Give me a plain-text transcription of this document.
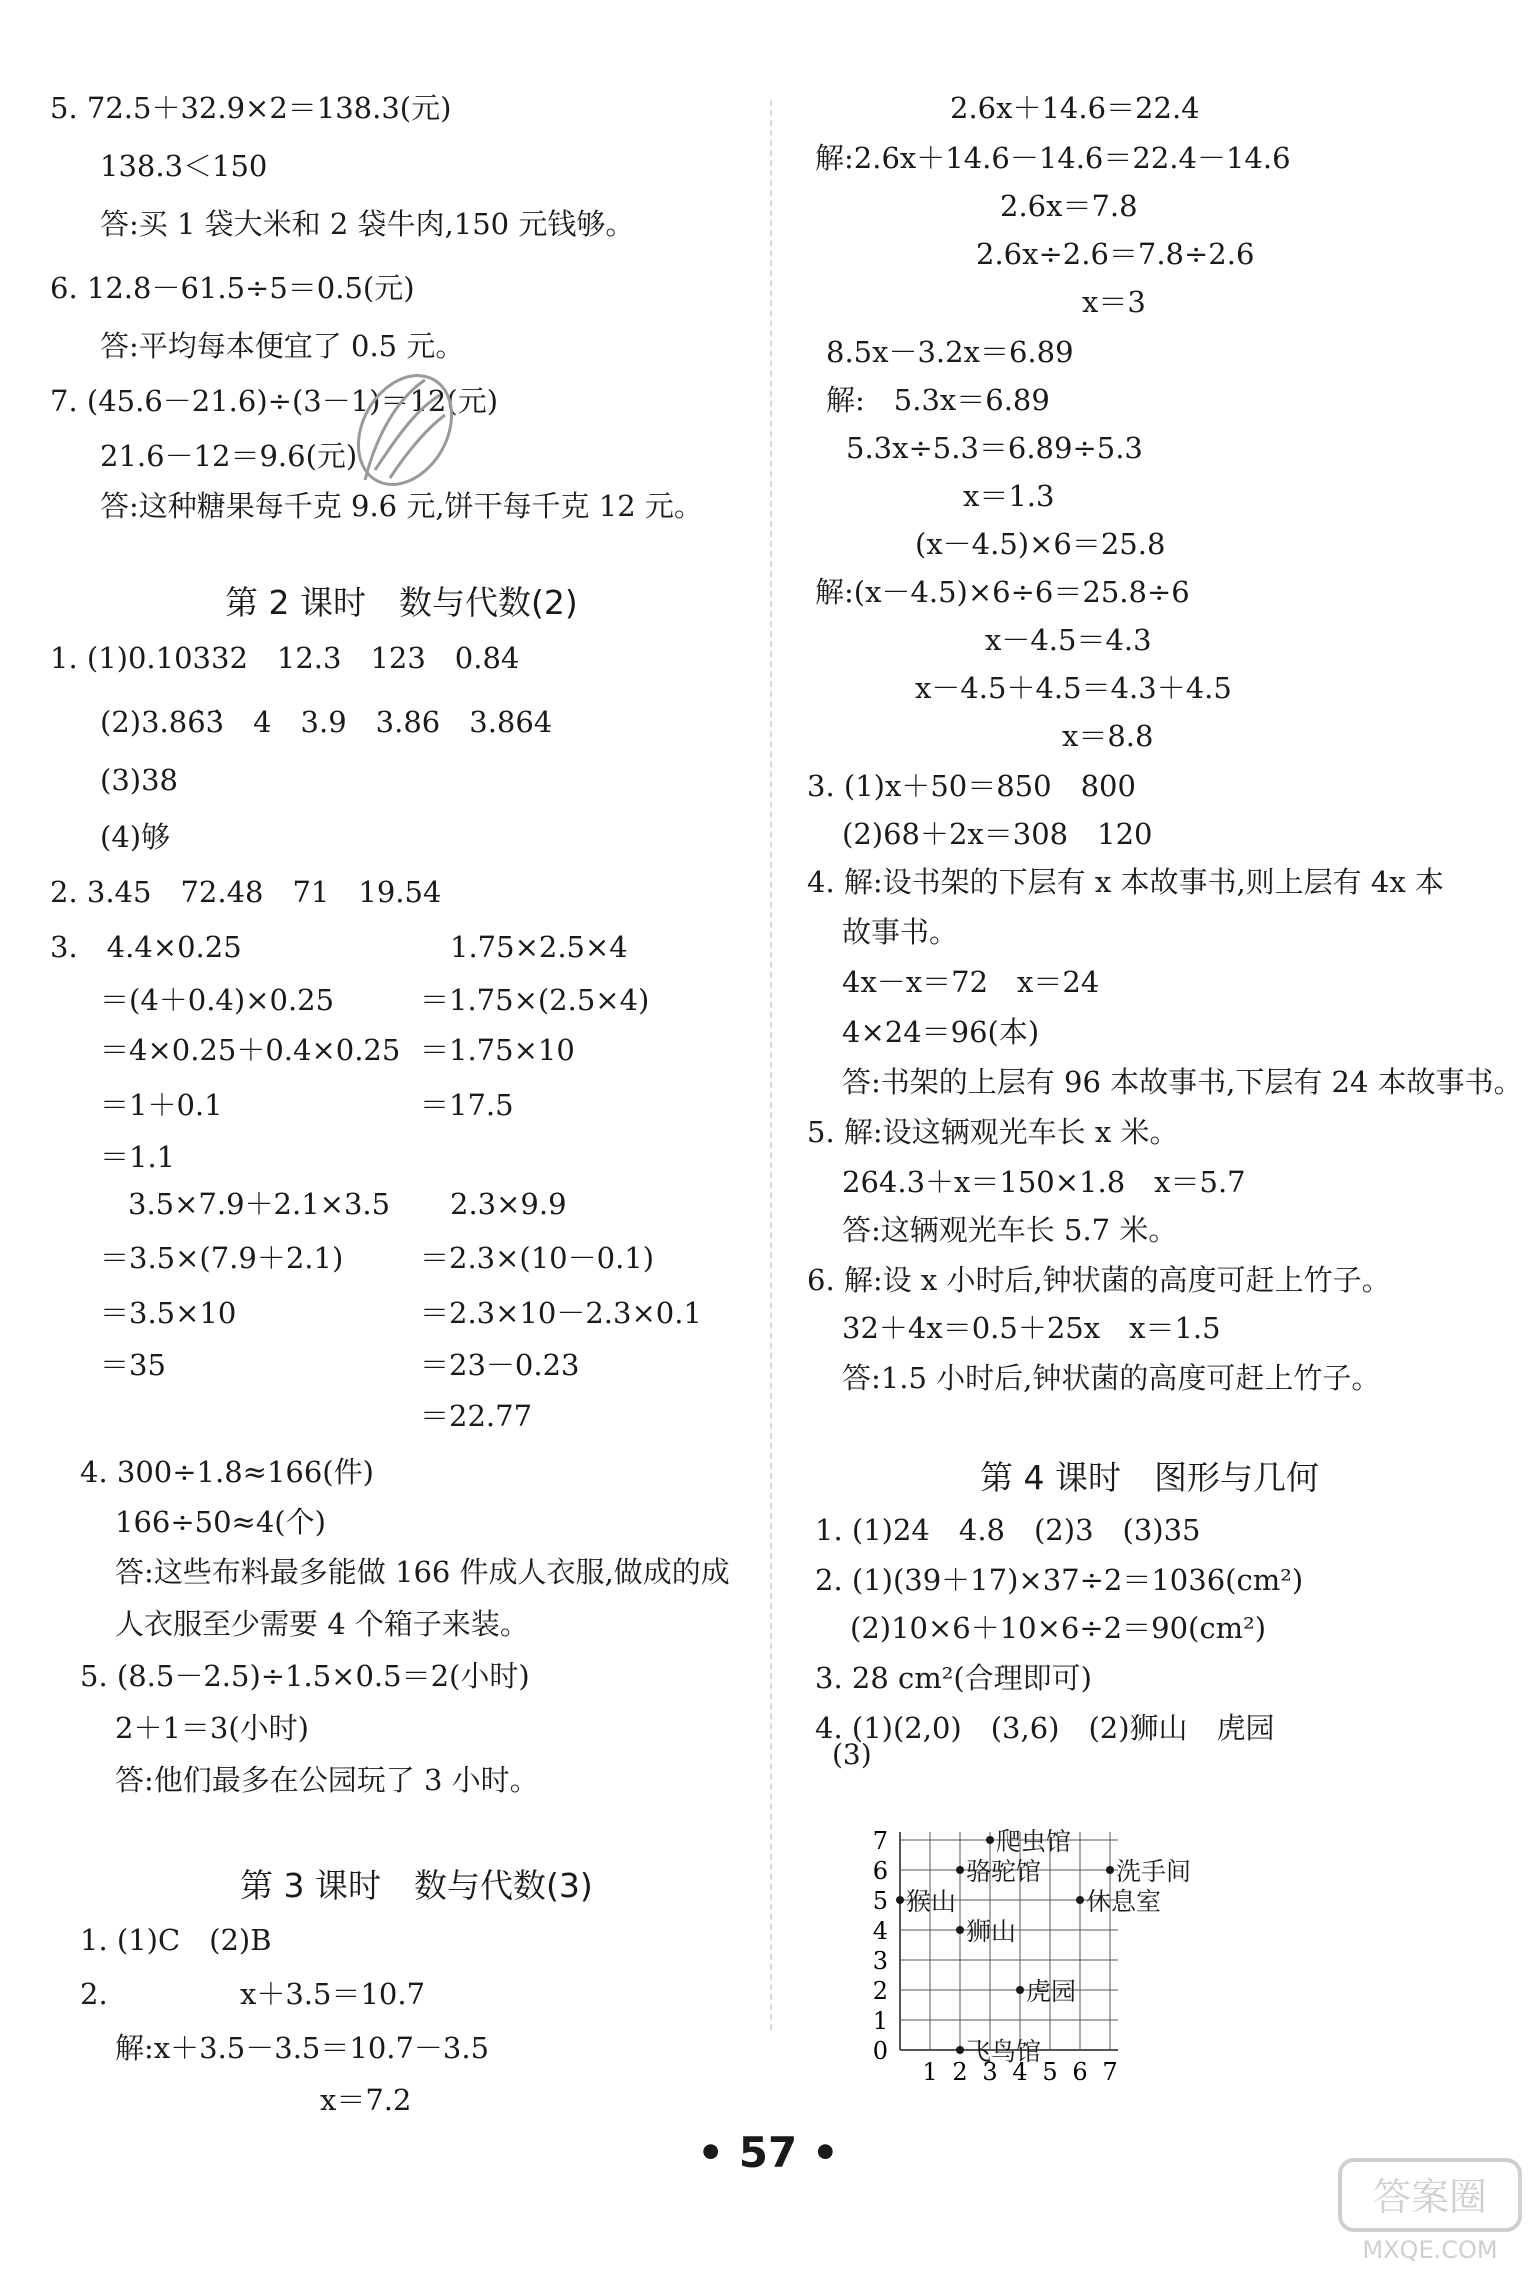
5. 72.5＋32.9×2＝138.3(元)
138.3＜150
答:买 1 袋大米和 2 袋牛肉,150 元钱够。
6. 12.8－61.5÷5＝0.5(元)
答:平均每本便宜了 0.5 元。
7. (45.6－21.6)÷(3－1)＝12(元)
21.6－12＝9.6(元)
答:这种糖果每千克 9.6 元,饼干每千克 12 元。
第 2 课时　数与代数(2)
1. (1)0.10332　12.3　123　0.84
(2)3.86̇3̇　4　3.9　3.86　3.864
(3)38
(4)够
2. 3.45　72.48　71　19.54
3.　4.4×0.25
＝(4＋0.4)×0.25
＝4×0.25＋0.4×0.25
＝1＋0.1
＝1.1
1.75×2.5×4
＝1.75×(2.5×4)
＝1.75×10
＝17.5
3.5×7.9＋2.1×3.5
＝3.5×(7.9＋2.1)
＝3.5×10
＝35
2.3×9.9
＝2.3×(10－0.1)
＝2.3×10－2.3×0.1
＝23－0.23
＝22.77
4. 300÷1.8≈166(件)
166÷50≈4(个)
答:这些布料最多能做 166 件成人衣服,做成的成
人衣服至少需要 4 个箱子来装。
5. (8.5－2.5)÷1.5×0.5＝2(小时)
2＋1＝3(小时)
答:他们最多在公园玩了 3 小时。
第 3 课时　数与代数(3)
1. (1)C　(2)B
2.	x＋3.5＝10.7
解:x＋3.5－3.5＝10.7－3.5
x＝7.2
2.6x＋14.6＝22.4
解:2.6x＋14.6－14.6＝22.4－14.6
2.6x＝7.8
2.6x÷2.6＝7.8÷2.6
x＝3
8.5x－3.2x＝6.89
解:　5.3x＝6.89
5.3x÷5.3＝6.89÷5.3
x＝1.3
(x－4.5)×6＝25.8
解:(x－4.5)×6÷6＝25.8÷6
x－4.5＝4.3
x－4.5＋4.5＝4.3＋4.5
x＝8.8
3. (1)x＋50＝850　800
(2)68＋2x＝308　120
4. 解:设书架的下层有 x 本故事书,则上层有 4x 本
故事书。
4x－x＝72　x＝24
4×24＝96(本)
答:书架的上层有 96 本故事书,下层有 24 本故事书。
5. 解:设这辆观光车长 x 米。
264.3＋x＝150×1.8　x＝5.7
答:这辆观光车长 5.7 米。
6. 解:设 x 小时后,钟状菌的高度可赶上竹子。
32＋4x＝0.5＋25x　x＝1.5
答:1.5 小时后,钟状菌的高度可赶上竹子。
第 4 课时　图形与几何
1. (1)24　4.8　(2)3　(3)35
2. (1)(39＋17)×37÷2＝1036(cm²)
(2)10×6＋10×6÷2＝90(cm²)
3. 28 cm²(合理即可)
4. (1)(2,0)　(3,6)　(2)狮山　虎园
(3)
1 2 3 4 5 6 7
0
1
2
3
4
5
6
7	爬虫馆
洗手间
骆驼馆
猴山	休息室
狮山
虎园
飞鸟馆
• 57 •
答案圈
MXQE.COM
